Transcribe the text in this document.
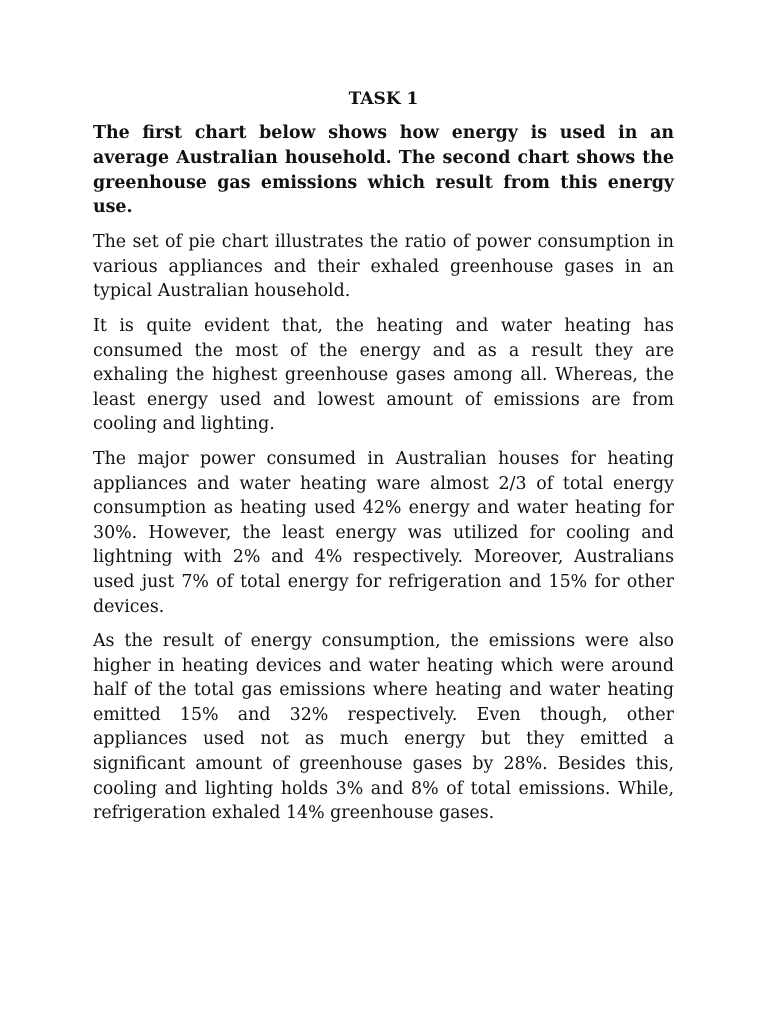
TASK 1

The first chart below shows how energy is used in an average Australian household. The second chart shows the greenhouse gas emissions which result from this energy use.

The set of pie chart illustrates the ratio of power consumption in various appliances and their exhaled greenhouse gases in an typical Australian household.

It is quite evident that, the heating and water heating has consumed the most of the energy and as a result they are exhaling the highest greenhouse gases among all. Whereas, the least energy used and lowest amount of emissions are from cooling and lighting.

The major power consumed in Australian houses for heating appliances and water heating ware almost 2/3 of total energy consumption as heating used 42% energy and water heating for 30%. However, the least energy was utilized for cooling and lightning with 2% and 4% respectively. Moreover, Australians used just 7% of total energy for refrigeration and 15% for other devices.

As the result of energy consumption, the emissions were also higher in heating devices and water heating which were around half of the total gas emissions where heating and water heating emitted 15% and 32% respectively. Even though, other appliances used not as much energy but they emitted a significant amount of greenhouse gases by 28%. Besides this, cooling and lighting holds 3% and 8% of total emissions. While, refrigeration exhaled 14% greenhouse gases.
